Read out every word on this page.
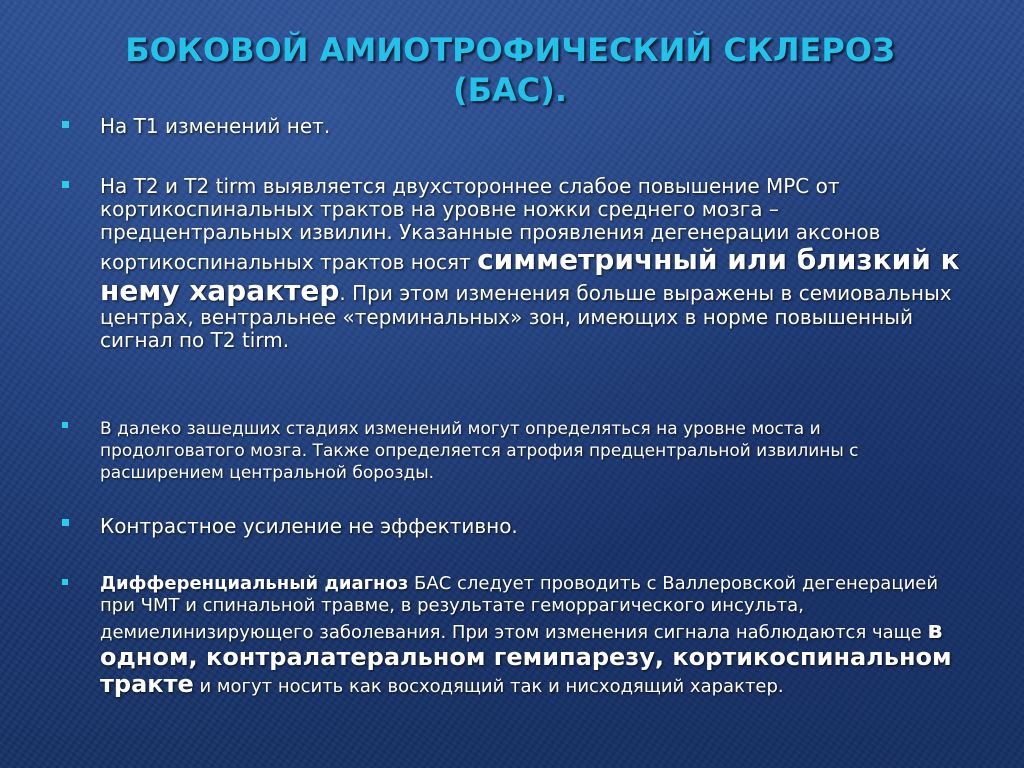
БОКОВОЙ АМИОТРОФИЧЕСКИЙ СКЛЕРОЗ
(БАС).

На Т1 изменений нет.

На Т2 и Т2 tirm выявляется двухстороннее слабое повышение МРС от кортикоспинальных трактов на уровне ножки среднего мозга – предцентральных извилин. Указанные проявления дегенерации аксонов кортикоспинальных трактов носят симметричный или близкий к нему характер. При этом изменения больше выражены в семиовальных центрах, вентральнее «терминальных» зон, имеющих в норме повышенный сигнал по Т2 tirm.

В далеко зашедших стадиях изменений могут определяться на уровне моста и продолговатого мозга. Также определяется атрофия предцентральной извилины с расширением центральной борозды.

Контрастное усиление не эффективно.

Дифференциальный диагноз БАС следует проводить с Валлеровской дегенерацией при ЧМТ и спинальной травме, в результате геморрагического инсульта, демиелинизирующего заболевания. При этом изменения сигнала наблюдаются чаще в одном, контралатеральном гемипарезу, кортикоспинальном тракте и могут носить как восходящий так и нисходящий характер.
